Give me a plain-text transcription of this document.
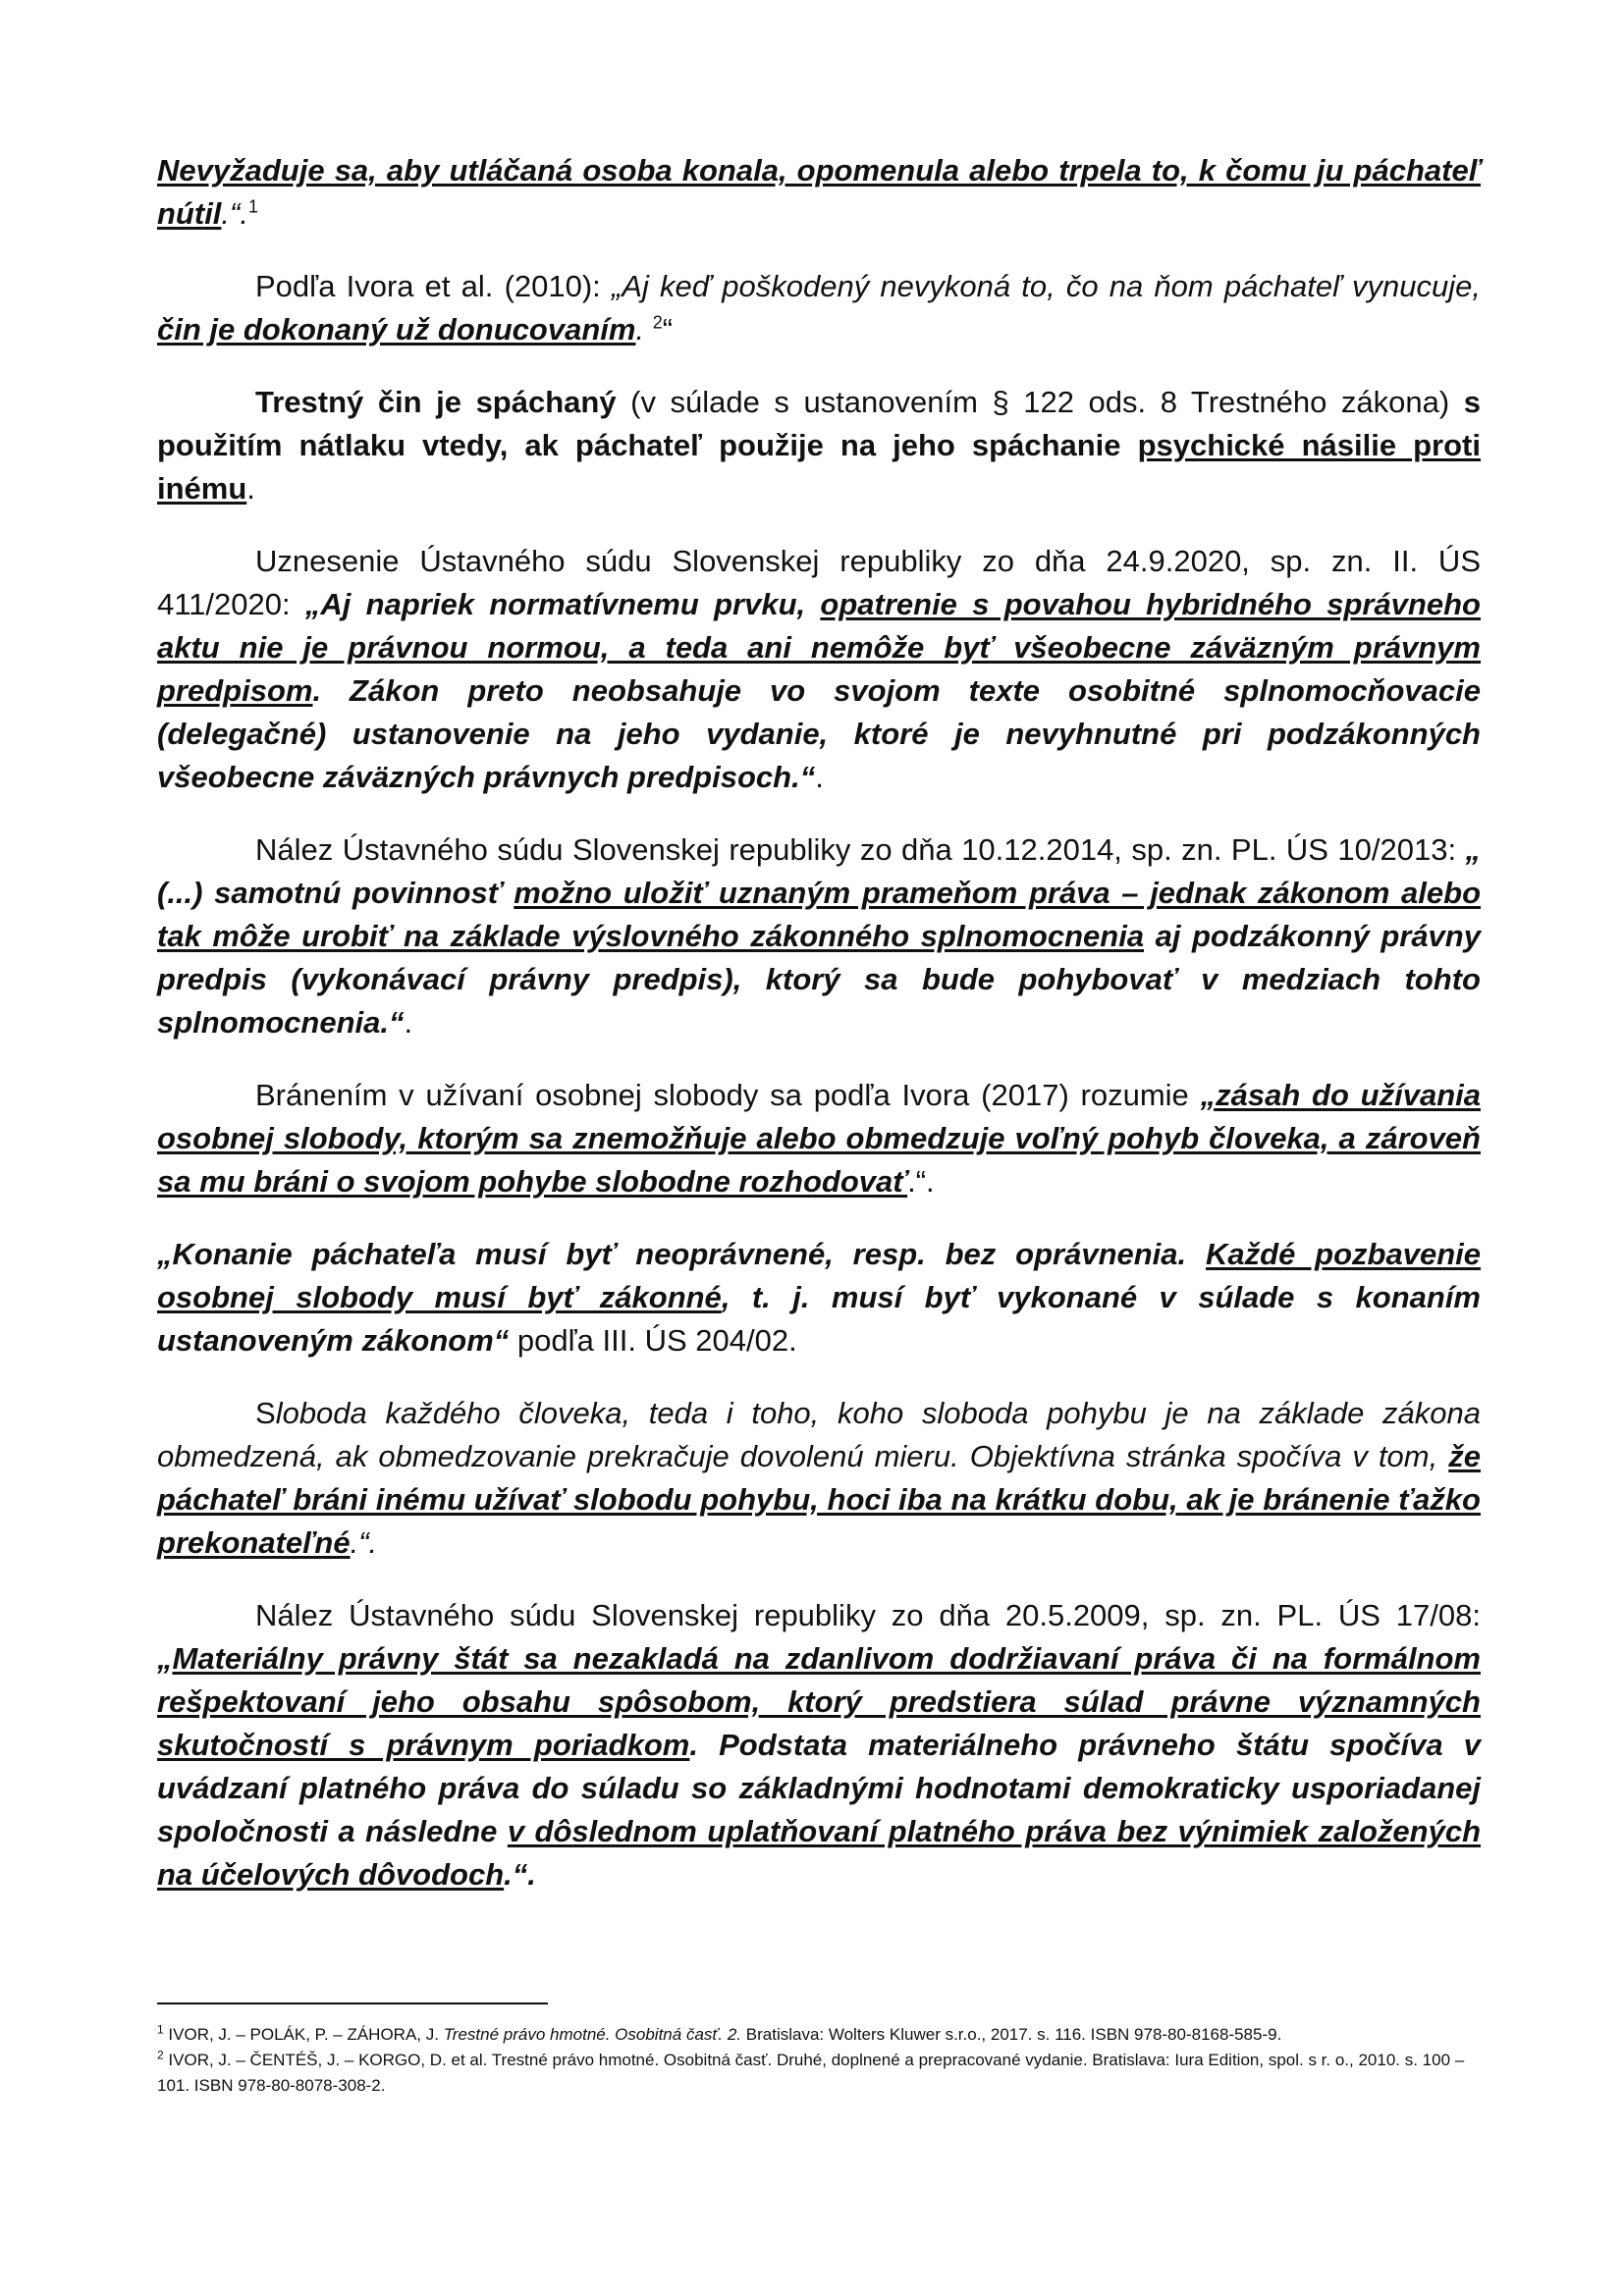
Nevyžaduje sa, aby utláčaná osoba konala, opomenula alebo trpela to, k čomu ju páchateľ nútil.“.$^1$

Podľa Ivora et al. (2010): „Aj keď poškodený nevykoná to, čo na ňom páchateľ vynucuje, čin je dokonaný už donucovaním. $^2$“

Trestný čin je spáchaný (v súlade s ustanovením § 122 ods. 8 Trestného zákona) s použitím nátlaku vtedy, ak páchateľ použije na jeho spáchanie psychické násilie proti inému.

Uznesenie Ústavného súdu Slovenskej republiky zo dňa 24.9.2020, sp. zn. II. ÚS 411/2020: „Aj napriek normatívnemu prvku, opatrenie s povahou hybridného správneho aktu nie je právnou normou, a teda ani nemôže byť všeobecne záväzným právnym predpisom. Zákon preto neobsahuje vo svojom texte osobitné splnomocňovacie (delegačné) ustanovenie na jeho vydanie, ktoré je nevyhnutné pri podzákonných všeobecne záväzných právnych predpisoch.“.

Nález Ústavného súdu Slovenskej republiky zo dňa 10.12.2014, sp. zn. PL. ÚS 10/2013: „ (...) samotnú povinnosť možno uložiť uznaným prameňom práva – jednak zákonom alebo tak môže urobiť na základe výslovného zákonného splnomocnenia aj podzákonný právny predpis (vykonávací právny predpis), ktorý sa bude pohybovať v medziach tohto splnomocnenia.“.

Bránením v užívaní osobnej slobody sa podľa Ivora (2017) rozumie „zásah do užívania osobnej slobody, ktorým sa znemožňuje alebo obmedzuje voľný pohyb človeka, a zároveň sa mu bráni o svojom pohybe slobodne rozhodovať.“.

„Konanie páchateľa musí byť neoprávnené, resp. bez oprávnenia. Každé pozbavenie osobnej slobody musí byť zákonné, t. j. musí byť vykonané v súlade s konaním ustanoveným zákonom“ podľa III. ÚS 204/02.

Sloboda každého človeka, teda i toho, koho sloboda pohybu je na základe zákona obmedzená, ak obmedzovanie prekračuje dovolenú mieru. Objektívna stránka spočíva v tom, že páchateľ bráni inému užívať slobodu pohybu, hoci iba na krátku dobu, ak je bránenie ťažko prekonateľné.“.

Nález Ústavného súdu Slovenskej republiky zo dňa 20.5.2009, sp. zn. PL. ÚS 17/08: „Materiálny právny štát sa nezakladá na zdanlivom dodržiavaní práva či na formálnom rešpektovaní jeho obsahu spôsobom, ktorý predstiera súlad právne významných skutočností s právnym poriadkom. Podstata materiálneho právneho štátu spočíva v uvádzaní platného práva do súladu so základnými hodnotami demokraticky usporiadanej spoločnosti a následne v dôslednom uplatňovaní platného práva bez výnimiek založených na účelových dôvodoch.“.

$^1$ IVOR, J. – POLÁK, P. – ZÁHORA, J. Trestné právo hmotné. Osobitná časť. 2. Bratislava: Wolters Kluwer s.r.o., 2017. s. 116. ISBN 978-80-8168-585-9.

$^2$ IVOR, J. – ČENTÉŠ, J. – KORGO, D. et al. Trestné právo hmotné. Osobitná časť. Druhé, doplnené a prepracované vydanie. Bratislava: Iura Edition, spol. s r. o., 2010. s. 100 – 101. ISBN 978-80-8078-308-2.
